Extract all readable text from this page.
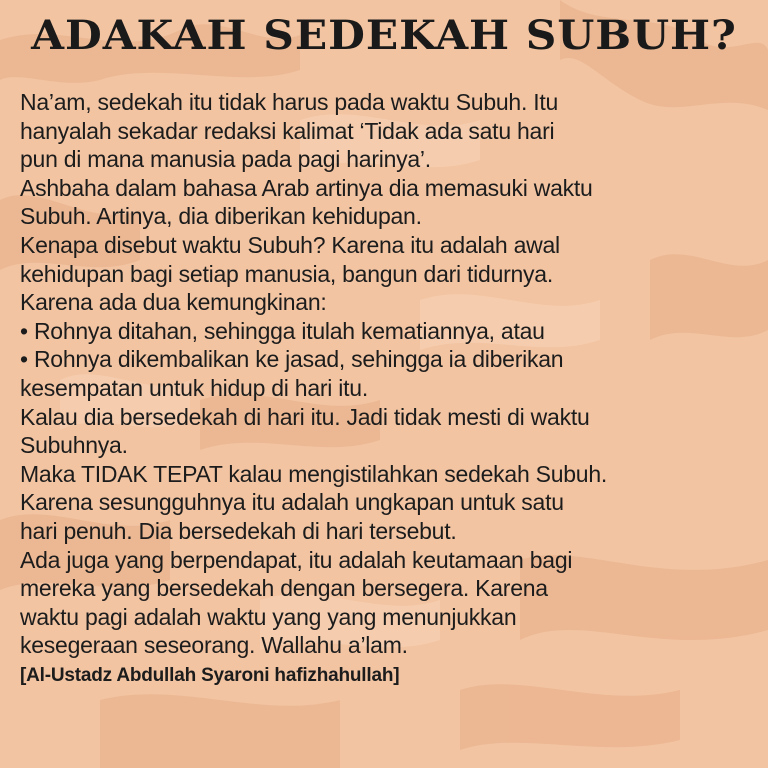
ADAKAH SEDEKAH SUBUH?
Na’am, sedekah itu tidak harus pada waktu Subuh. Itu
hanyalah sekadar redaksi kalimat ‘Tidak ada satu hari
pun di mana manusia pada pagi harinya’.
Ashbaha dalam bahasa Arab artinya dia memasuki waktu
Subuh. Artinya, dia diberikan kehidupan.
Kenapa disebut waktu Subuh? Karena itu adalah awal
kehidupan bagi setiap manusia, bangun dari tidurnya.
Karena ada dua kemungkinan:
• Rohnya ditahan, sehingga itulah kematiannya, atau
• Rohnya dikembalikan ke jasad, sehingga ia diberikan
kesempatan untuk hidup di hari itu.
Kalau dia bersedekah di hari itu. Jadi tidak mesti di waktu
Subuhnya.
Maka TIDAK TEPAT kalau mengistilahkan sedekah Subuh.
Karena sesungguhnya itu adalah ungkapan untuk satu
hari penuh. Dia bersedekah di hari tersebut.
Ada juga yang berpendapat, itu adalah keutamaan bagi
mereka yang bersedekah dengan bersegera. Karena
waktu pagi adalah waktu yang yang menunjukkan
kesegeraan seseorang. Wallahu a’lam.
[Al-Ustadz Abdullah Syaroni hafizhahullah]
